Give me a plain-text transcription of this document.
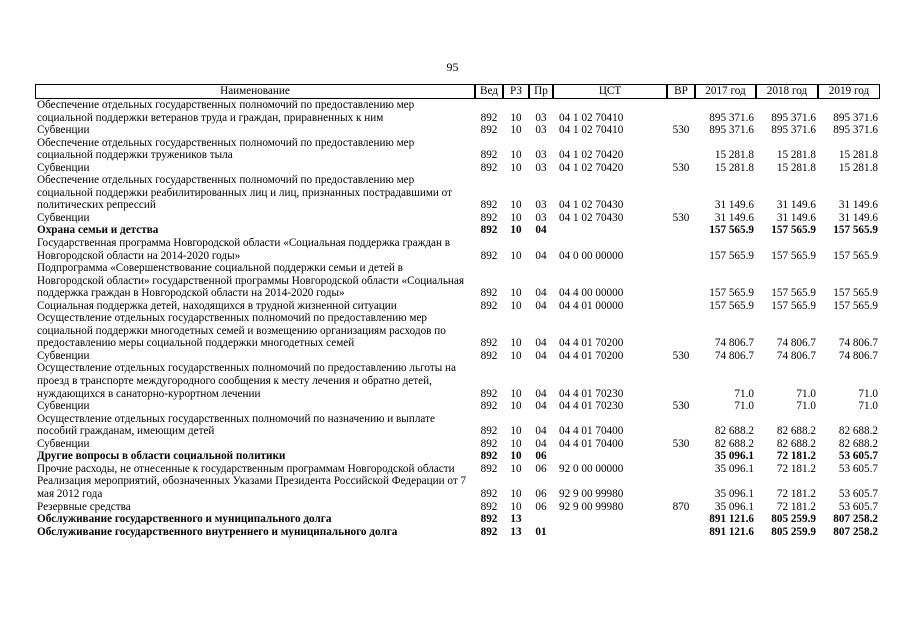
95
Наименование	Вед	РЗ	Пр	ЦСТ	ВР	2017 год	2018 год	2019 год
Обеспечение отдельных государственных полномочий по предоставлению мер социальной поддержки ветеранов труда и граждан, приравненных к ним	892	10	03	04 1 02 70410		895 371.6	895 371.6	895 371.6
Субвенции	892	10	03	04 1 02 70410	530	895 371.6	895 371.6	895 371.6
Обеспечение отдельных государственных полномочий по предоставлению мер социальной поддержки тружеников тыла	892	10	03	04 1 02 70420		15 281.8	15 281.8	15 281.8
Субвенции	892	10	03	04 1 02 70420	530	15 281.8	15 281.8	15 281.8
Обеспечение отдельных государственных полномочий по предоставлению мер социальной поддержки реабилитированных лиц и лиц, признанных пострадавшими от политических репрессий	892	10	03	04 1 02 70430		31 149.6	31 149.6	31 149.6
Субвенции	892	10	03	04 1 02 70430	530	31 149.6	31 149.6	31 149.6
Охрана семьи и детства	892	10	04			157 565.9	157 565.9	157 565.9
Государственная программа Новгородской области «Социальная поддержка граждан в Новгородской области на 2014-2020 годы»	892	10	04	04 0 00 00000		157 565.9	157 565.9	157 565.9
Подпрограмма «Совершенствование социальной поддержки семьи и детей в Новгородской области» государственной программы Новгородской области «Социальная поддержка граждан в Новгородской области на 2014-2020 годы»	892	10	04	04 4 00 00000		157 565.9	157 565.9	157 565.9
Социальная поддержка детей, находящихся в трудной жизненной ситуации	892	10	04	04 4 01 00000		157 565.9	157 565.9	157 565.9
Осуществление отдельных государственных полномочий по предоставлению мер социальной поддержки многодетных семей и возмещению организациям расходов по предоставлению меры социальной поддержки многодетных семей	892	10	04	04 4 01 70200		74 806.7	74 806.7	74 806.7
Субвенции	892	10	04	04 4 01 70200	530	74 806.7	74 806.7	74 806.7
Осуществление отдельных государственных полномочий по предоставлению льготы на проезд в транспорте междугородного сообщения к месту лечения и обратно детей, нуждающихся в санаторно-курортном лечении	892	10	04	04 4 01 70230		71.0	71.0	71.0
Субвенции	892	10	04	04 4 01 70230	530	71.0	71.0	71.0
Осуществление отдельных государственных полномочий по назначению и выплате пособий гражданам, имеющим детей	892	10	04	04 4 01 70400		82 688.2	82 688.2	82 688.2
Субвенции	892	10	04	04 4 01 70400	530	82 688.2	82 688.2	82 688.2
Другие вопросы в области социальной политики	892	10	06			35 096.1	72 181.2	53 605.7
Прочие расходы, не отнесенные к государственным программам Новгородской области	892	10	06	92 0 00 00000		35 096.1	72 181.2	53 605.7
Реализация мероприятий, обозначенных Указами Президента Российской Федерации от 7 мая 2012 года	892	10	06	92 9 00 99980		35 096.1	72 181.2	53 605.7
Резервные средства	892	10	06	92 9 00 99980	870	35 096.1	72 181.2	53 605.7
Обслуживание государственного и муниципального долга	892	13				891 121.6	805 259.9	807 258.2
Обслуживание государственного внутреннего и муниципального долга	892	13	01			891 121.6	805 259.9	807 258.2
